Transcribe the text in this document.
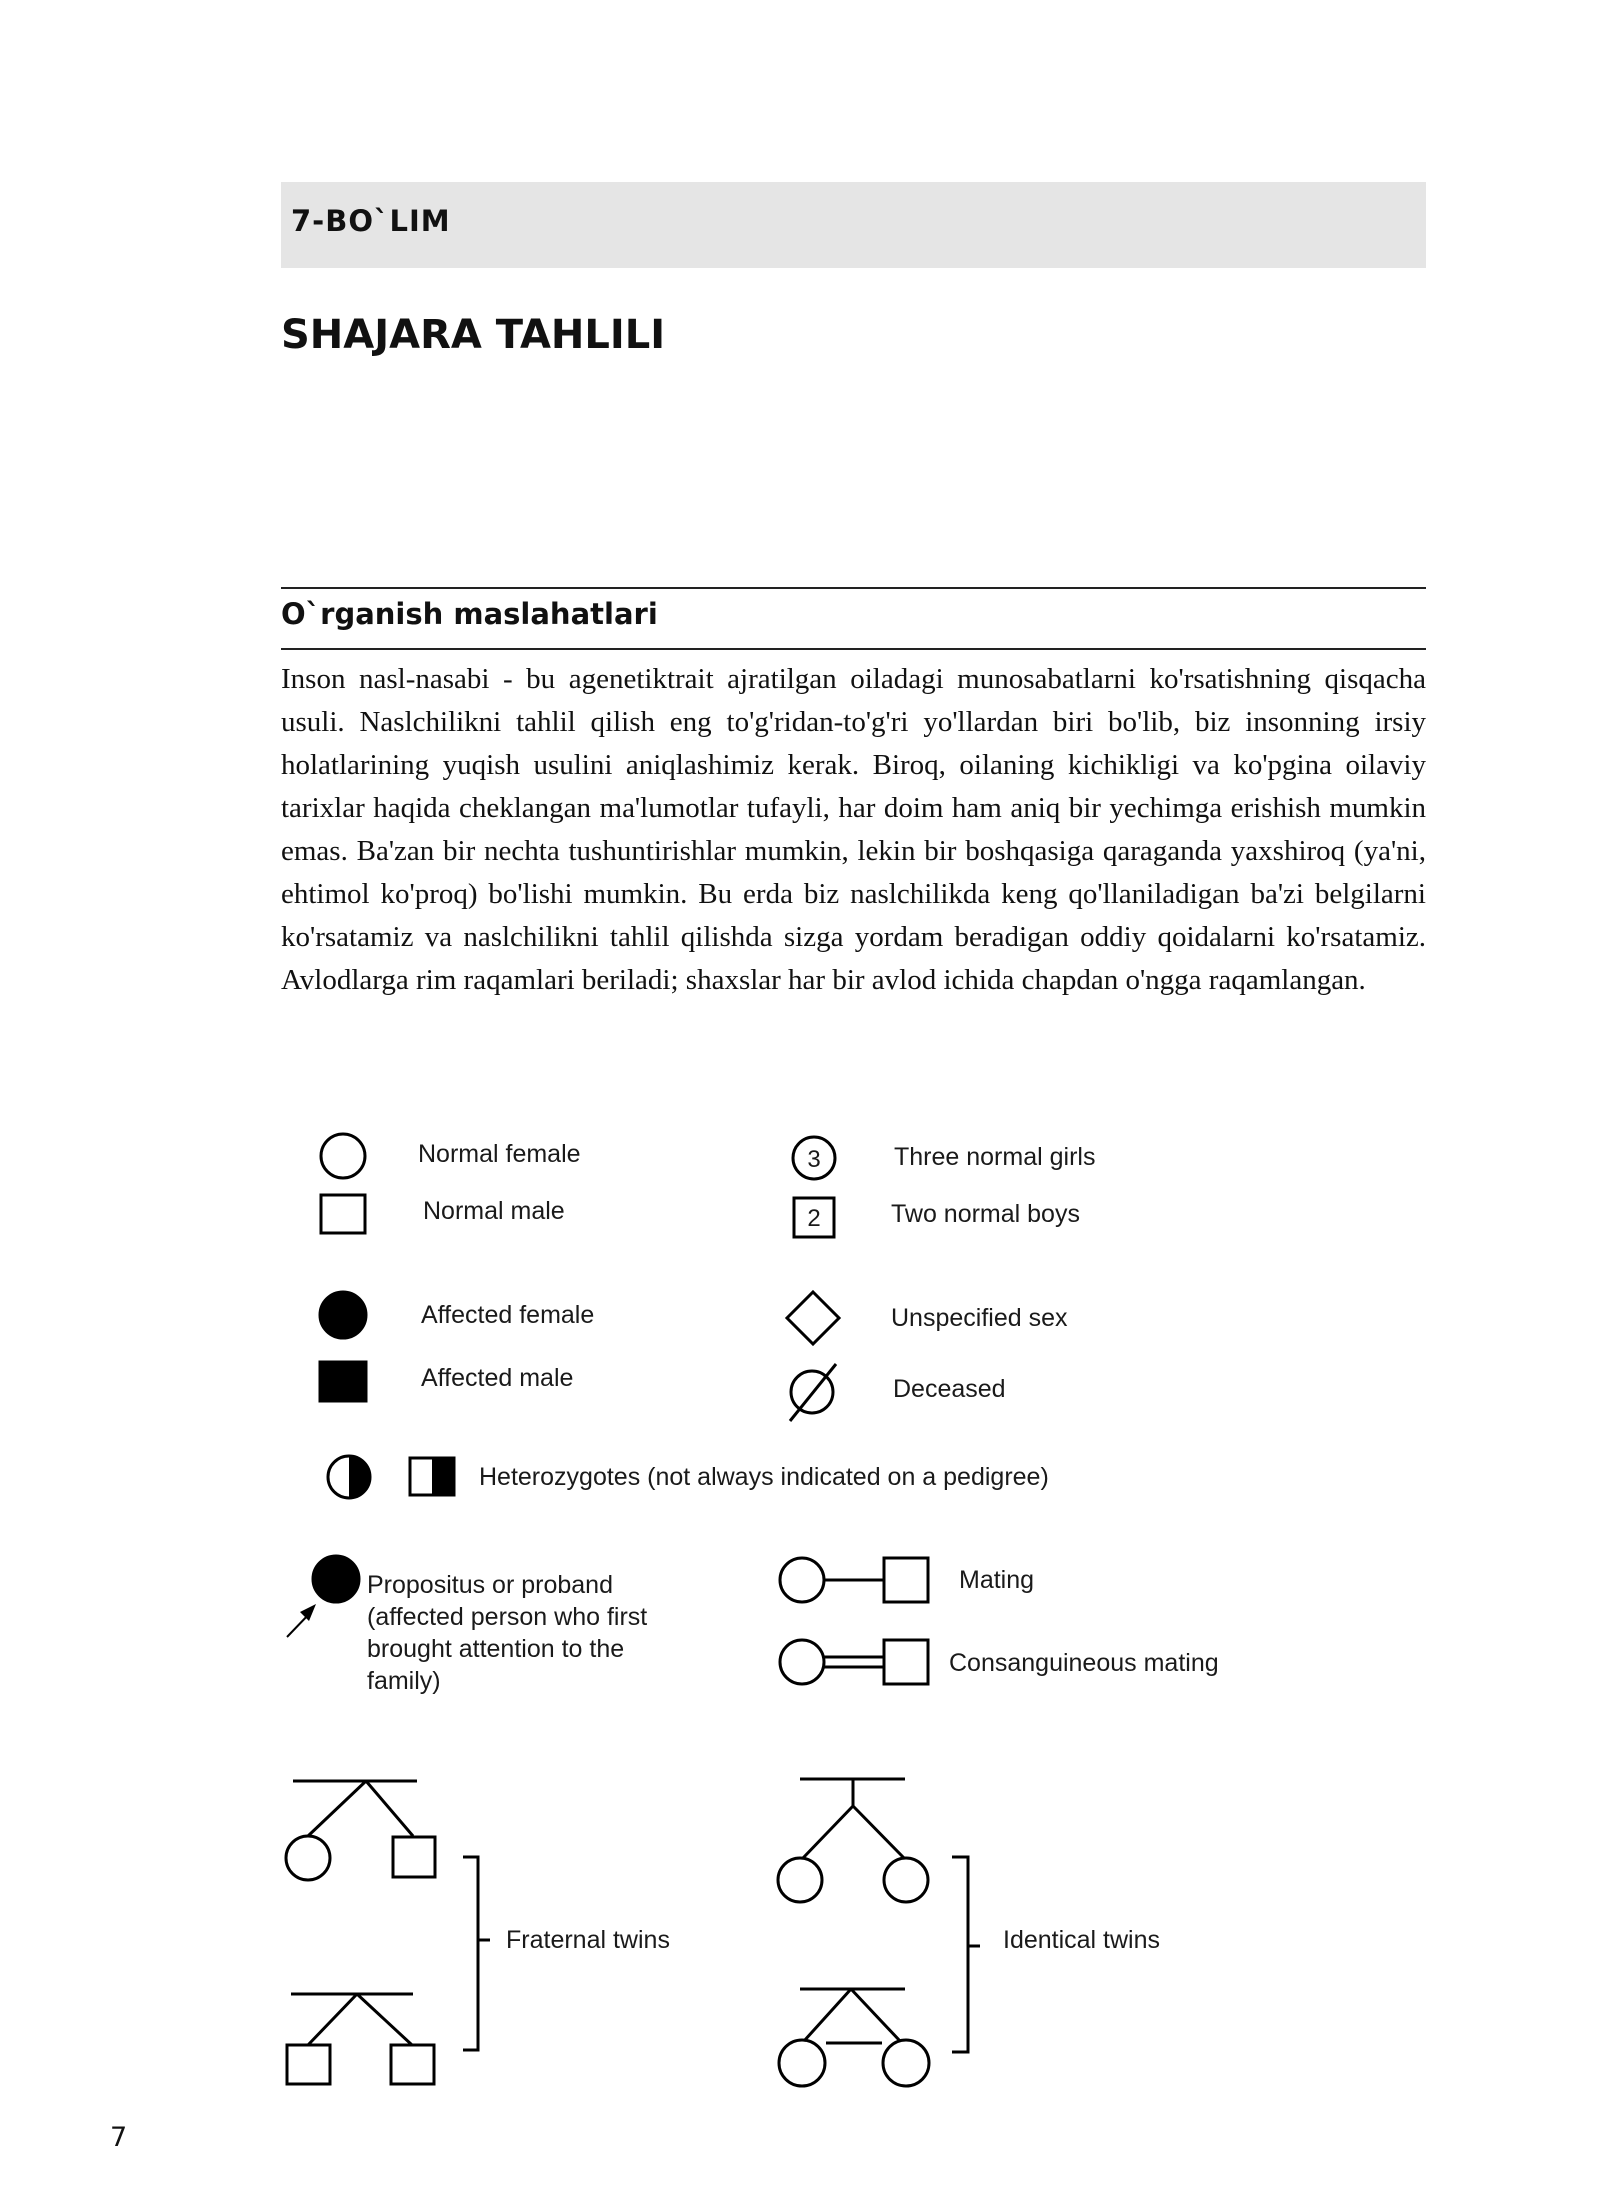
7-BO`LIM
SHAJARA TAHLILI
O`rganish maslahatlari

Inson nasl-nasabi - bu agenetiktrait ajratilgan oiladagi munosabatlarni ko'rsatishning qisqacha usuli. Naslchilikni tahlil qilish eng to'g'ridan-to'g'ri yo'llardan biri bo'lib, biz insonning irsiy holatlarining yuqish usulini aniqlashimiz kerak. Biroq, oilaning kichikligi va ko'pgina oilaviy tarixlar haqida cheklangan ma'lumotlar tufayli, har doim ham aniq bir yechimga erishish mumkin emas. Ba'zan bir nechta tushuntirishlar mumkin, lekin bir boshqasiga qaraganda yaxshiroq (ya'ni, ehtimol ko'proq) bo'lishi mumkin. Bu erda biz naslchilikda keng qo'llaniladigan ba'zi belgilarni ko'rsatamiz va naslchilikni tahlil qilishda sizga yordam beradigan oddiy qoidalarni ko'rsatamiz. Avlodlarga rim raqamlari beriladi; shaxslar har bir avlod ichida chapdan o'ngga raqamlangan.

Normal female
Normal male
Affected female
Affected male
3
2
Three normal girls
Two normal boys
Unspecified sex
Deceased
Heterozygotes (not always indicated on a pedigree)
Propositus or proband
(affected person who first
brought attention to the
family)
Mating
Consanguineous mating
Fraternal twins	Identical twins
7
